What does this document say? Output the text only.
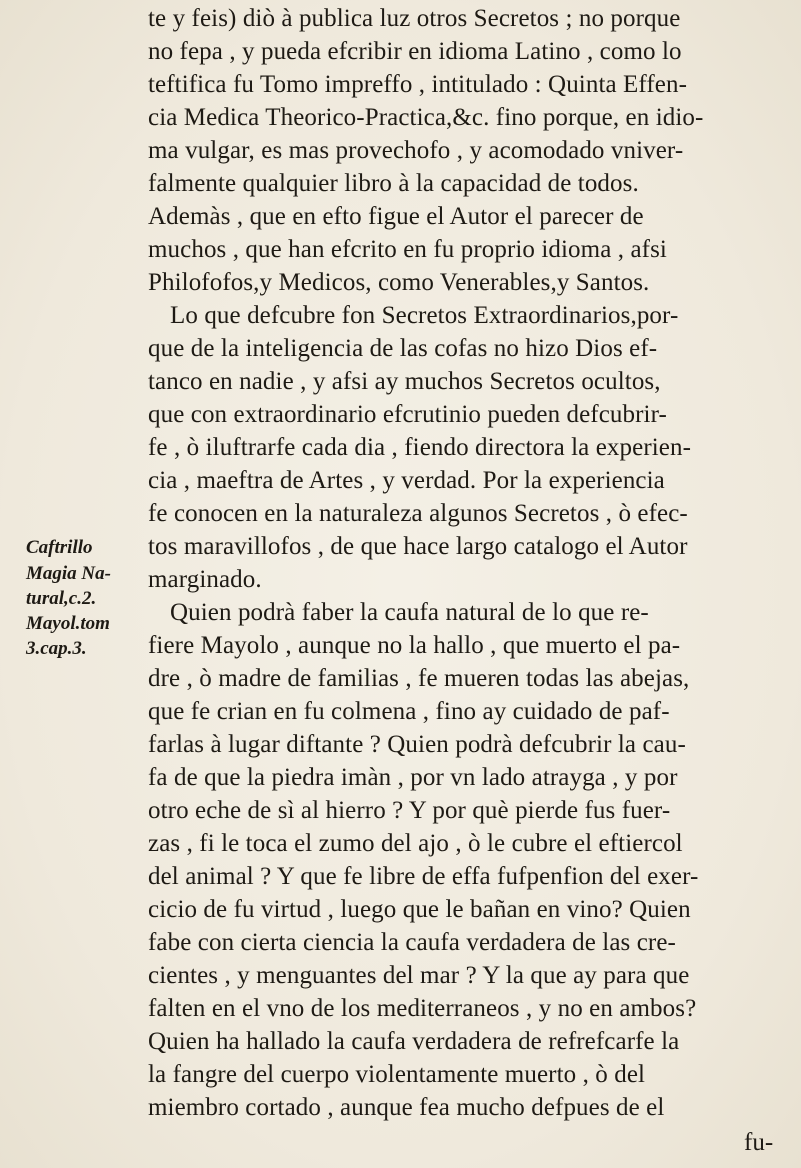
te y feis) diò à publica luz otros Secretos ; no porque
no fepa , y pueda efcribir en idioma Latino , como lo
teftifica fu Tomo impreffo , intitulado : Quinta Effen-
cia Medica Theorico-Practica,&c. fino porque, en idio-
ma vulgar, es mas provechofo , y acomodado vniver-
falmente qualquier libro à la capacidad de todos.
Ademàs , que en efto figue el Autor el parecer de
muchos , que han efcrito en fu proprio idioma , afsi
Philofofos,y Medicos, como Venerables,y Santos.
Lo que defcubre fon Secretos Extraordinarios,por-
que de la inteligencia de las cofas no hizo Dios ef-
tanco en nadie , y afsi ay muchos Secretos ocultos,
que con extraordinario efcrutinio pueden defcubrir-
fe , ò iluftrarfe cada dia , fiendo directora la experien-
cia , maeftra de Artes , y verdad. Por la experiencia
fe conocen en la naturaleza algunos Secretos , ò efec-
tos maravillofos , de que hace largo catalogo el Autor
marginado.
Quien podrà faber la caufa natural de lo que re-
fiere Mayolo , aunque no la hallo , que muerto el pa-
dre , ò madre de familias , fe mueren todas las abejas,
que fe crian en fu colmena , fino ay cuidado de paf-
farlas à lugar diftante ? Quien podrà defcubrir la cau-
fa de que la piedra imàn , por vn lado atrayga , y por
otro eche de sì al hierro ? Y por què pierde fus fuer-
zas , fi le toca el zumo del ajo , ò le cubre el eftiercol
del animal ? Y que fe libre de effa fufpenfion del exer-
cicio de fu virtud , luego que le bañan en vino? Quien
fabe con cierta ciencia la caufa verdadera de las cre-
cientes , y menguantes del mar ? Y la que ay para que
falten en el vno de los mediterraneos , y no en ambos?
Quien ha hallado la caufa verdadera de refrefcarfe la
la fangre del cuerpo violentamente muerto , ò del
miembro cortado , aunque fea mucho defpues de el
Caftrillo
Magia Na-
tural,c.2.
Mayol.tom
3.cap.3.
fu-
